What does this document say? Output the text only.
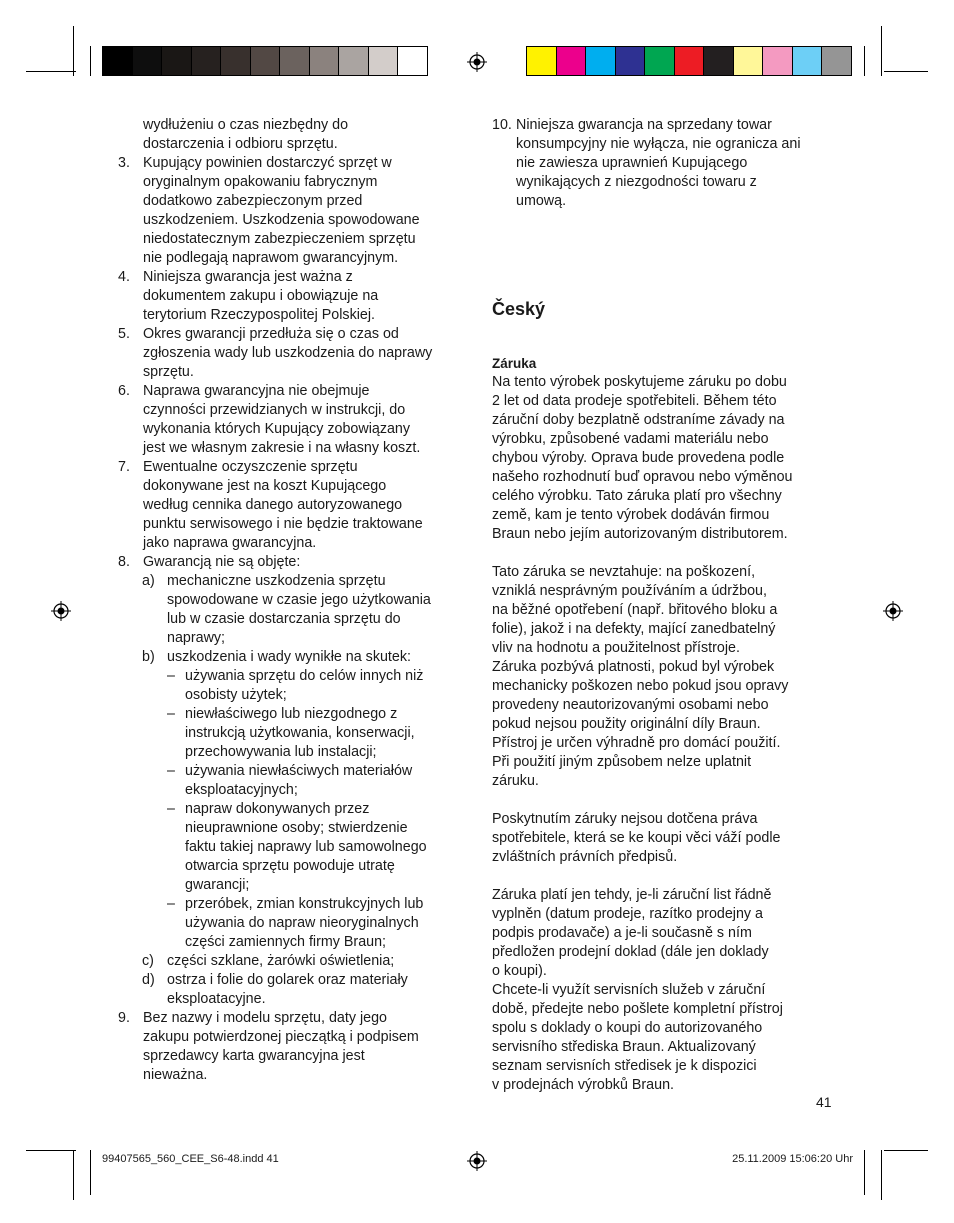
wydłużeniu o czas niezbędny do
dostarczenia i odbioru sprzętu.
3. Kupujący powinien dostarczyć sprzęt w
oryginalnym opakowaniu fabrycznym
dodatkowo zabezpieczonym przed
uszkodzeniem. Uszkodzenia spowodowane
niedostatecznym zabezpieczeniem sprzętu
nie podlegają naprawom gwarancyjnym.
4. Niniejsza gwarancja jest ważna z
dokumentem zakupu i obowiązuje na
terytorium Rzeczypospolitej Polskiej.
5. Okres gwarancji przedłuża się o czas od
zgłoszenia wady lub uszkodzenia do naprawy
sprzętu.
6. Naprawa gwarancyjna nie obejmuje
czynności przewidzianych w instrukcji, do
wykonania których Kupujący zobowiązany
jest we własnym zakresie i na własny koszt.
7. Ewentualne oczyszczenie sprzętu
dokonywane jest na koszt Kupującego
według cennika danego autoryzowanego
punktu serwisowego i nie będzie traktowane
jako naprawa gwarancyjna.
8. Gwarancją nie są objęte:
a) mechaniczne uszkodzenia sprzętu
spowodowane w czasie jego użytkowania
lub w czasie dostarczania sprzętu do
naprawy;
b) uszkodzenia i wady wynikłe na skutek:
– używania sprzętu do celów innych niż
osobisty użytek;
– niewłaściwego lub niezgodnego z
instrukcją użytkowania, konserwacji,
przechowywania lub instalacji;
– używania niewłaściwych materiałów
eksploatacyjnych;
– napraw dokonywanych przez
nieuprawnione osoby; stwierdzenie
faktu takiej naprawy lub samowolnego
otwarcia sprzętu powoduje utratę
gwarancji;
– przeróbek, zmian konstrukcyjnych lub
używania do napraw nieoryginalnych
części zamiennych firmy Braun;
c) części szklane, żarówki oświetlenia;
d) ostrza i folie do golarek oraz materiały
eksploatacyjne.
9. Bez nazwy i modelu sprzętu, daty jego
zakupu potwierdzonej pieczątką i podpisem
sprzedawcy karta gwarancyjna jest
nieważna.
10. Niniejsza gwarancja na sprzedany towar
konsumpcyjny nie wyłącza, nie ogranicza ani
nie zawiesza uprawnień Kupującego
wynikających z niezgodności towaru z
umową.
Český
Záruka
Na tento výrobek poskytujeme záruku po dobu
2 let od data prodeje spotřebiteli. Během této
záruční doby bezplatně odstraníme závady na
výrobku, způsobené vadami materiálu nebo
chybou výroby. Oprava bude provedena podle
našeho rozhodnutí buď opravou nebo výměnou
celého výrobku. Tato záruka platí pro všechny
země, kam je tento výrobek dodáván firmou
Braun nebo jejím autorizovaným distributorem.
Tato záruka se nevztahuje: na poškození,
vzniklá nesprávným používáním a údržbou,
na běžné opotřebení (např. břitového bloku a
folie), jakož i na defekty, mající zanedbatelný
vliv na hodnotu a použitelnost přístroje.
Záruka pozbývá platnosti, pokud byl výrobek
mechanicky poškozen nebo pokud jsou opravy
provedeny neautorizovanými osobami nebo
pokud nejsou použity originální díly Braun.
Přístroj je určen výhradně pro domácí použití.
Při použití jiným způsobem nelze uplatnit
záruku.
Poskytnutím záruky nejsou dotčena práva
spotřebitele, která se ke koupi věci váží podle
zvláštních právních předpisů.
Záruka platí jen tehdy, je-li záruční list řádně
vyplněn (datum prodeje, razítko prodejny a
podpis prodavače) a je-li současně s ním
předložen prodejní doklad (dále jen doklady
o koupi).
Chcete-li využít servisních služeb v záruční
době, předejte nebo pošlete kompletní přístroj
spolu s doklady o koupi do autorizovaného
servisního střediska Braun. Aktualizovaný
seznam servisních středisek je k dispozici
v prodejnách výrobků Braun.
41
99407565_560_CEE_S6-48.indd 41	25.11.2009 15:06:20 Uhr
